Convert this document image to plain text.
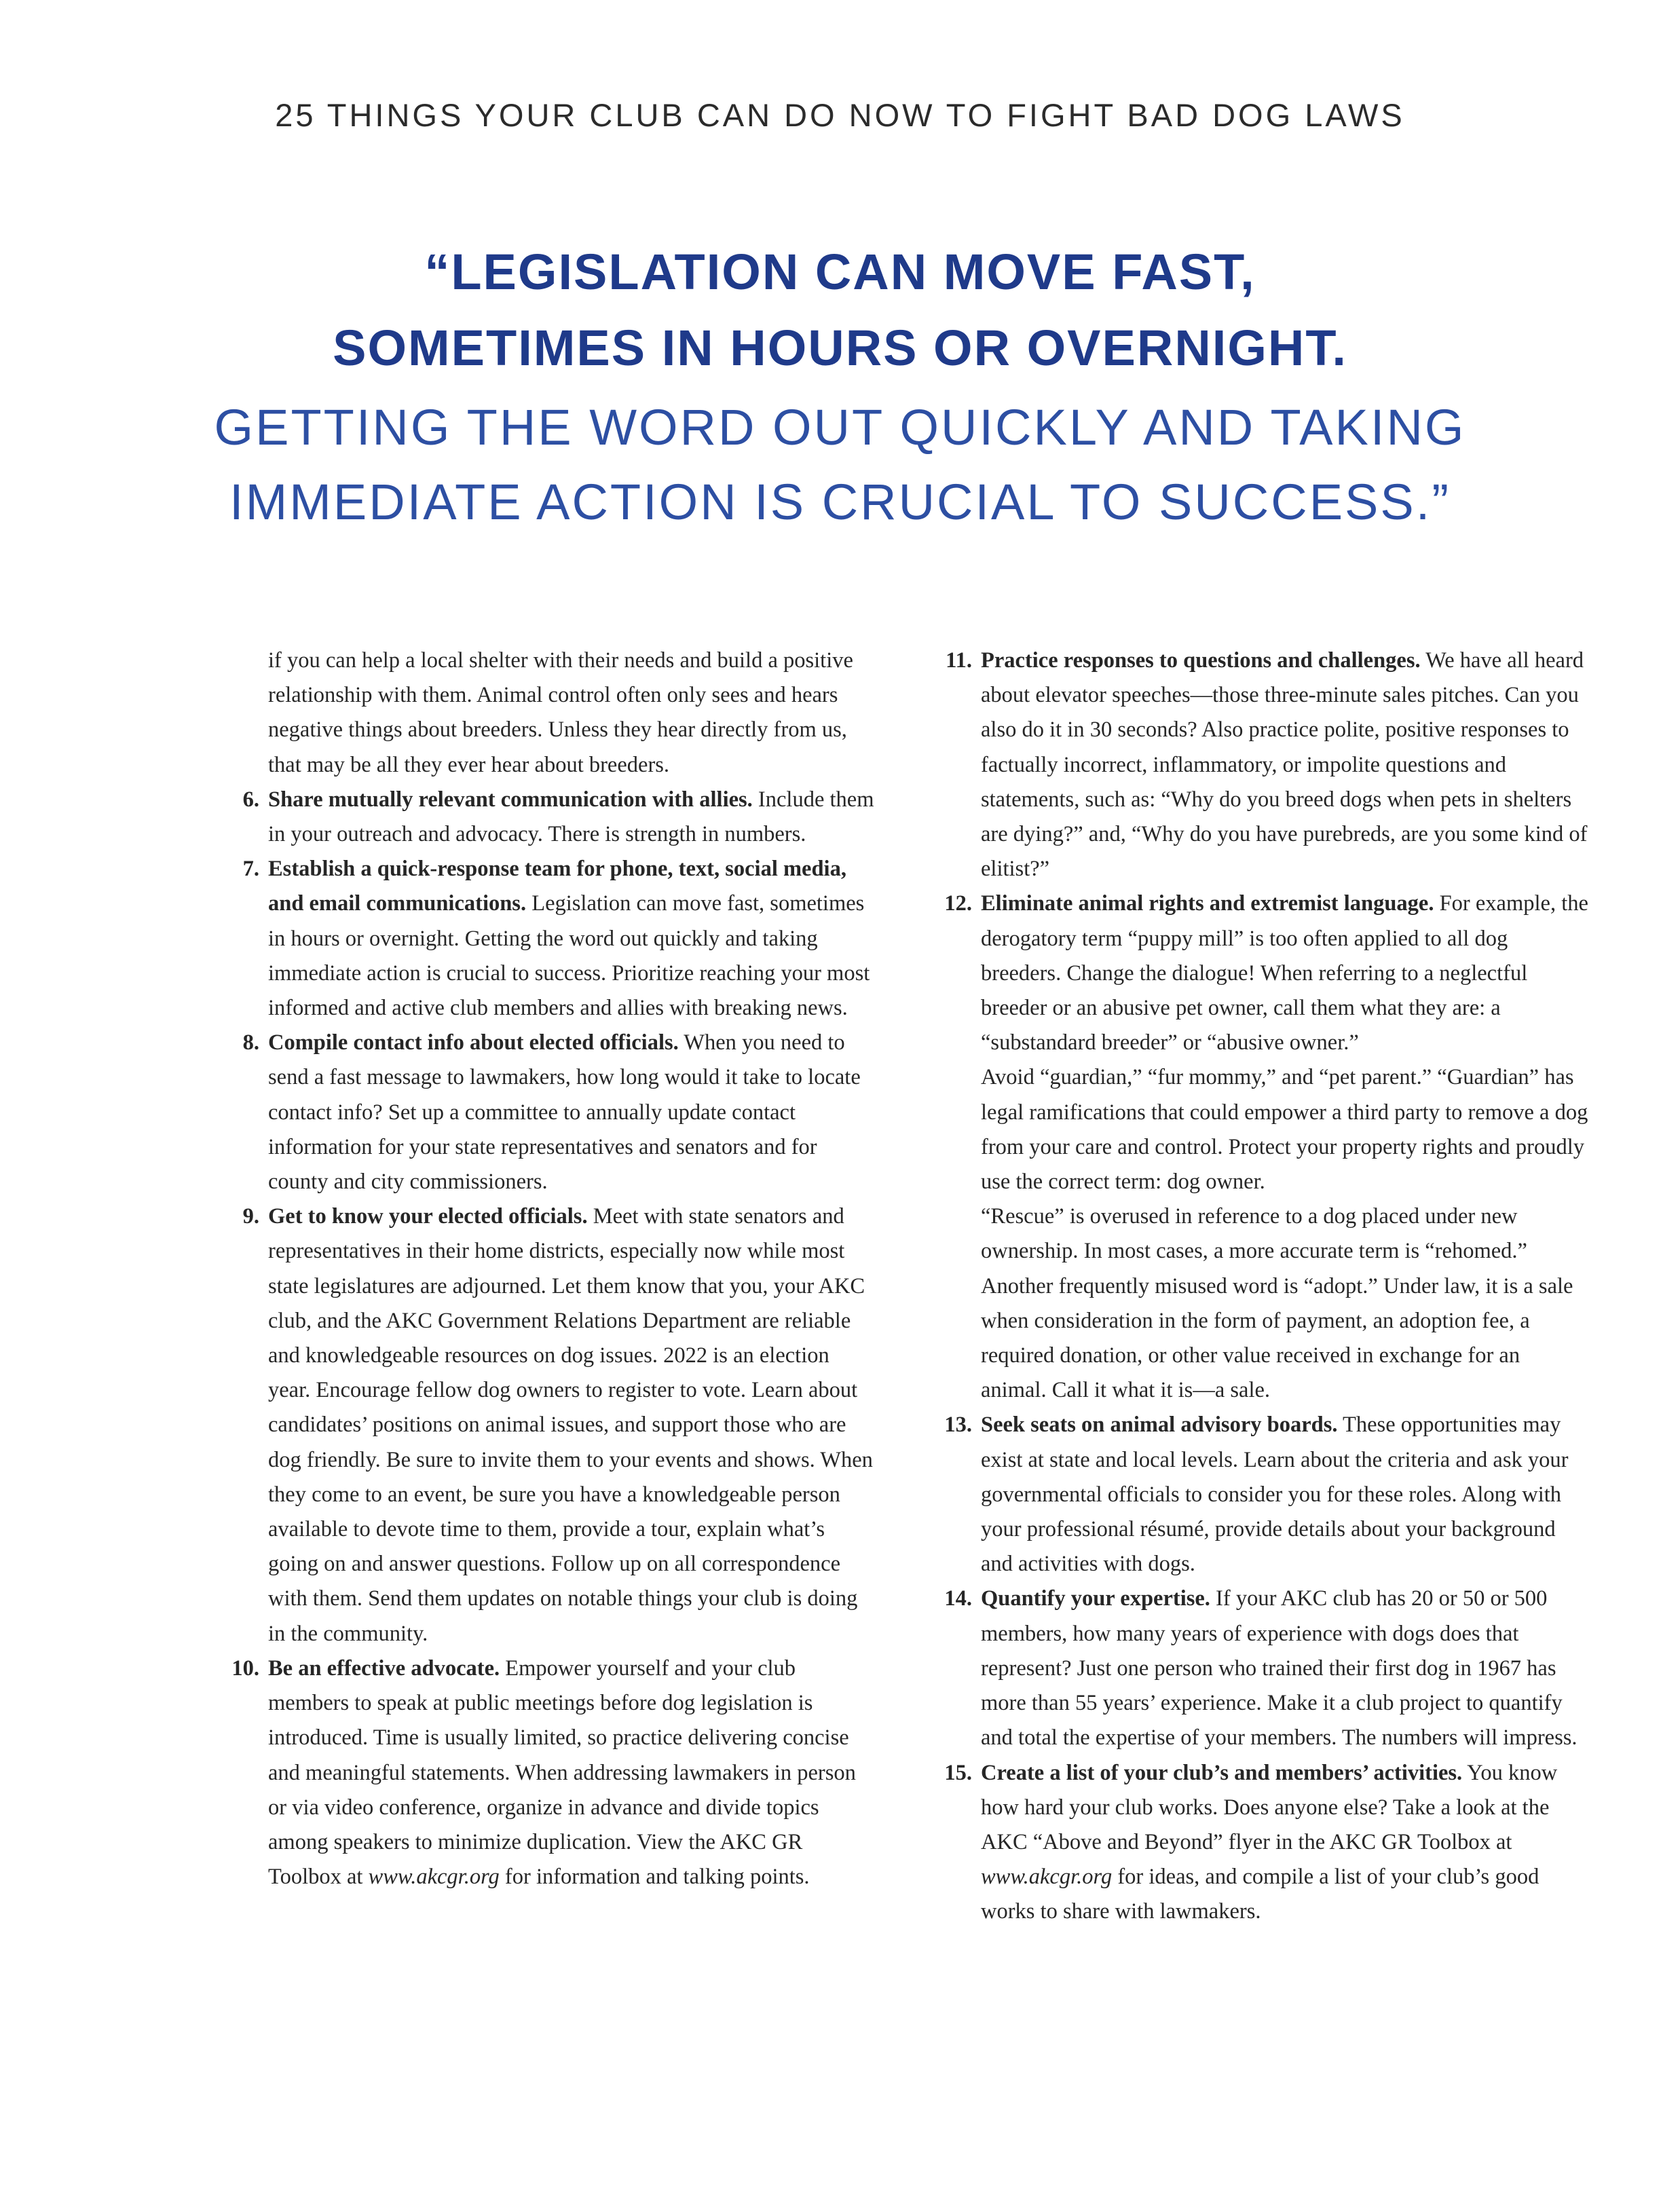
25 THINGS YOUR CLUB CAN DO NOW TO FIGHT BAD DOG LAWS
“LEGISLATION CAN MOVE FAST,
SOMETIMES IN HOURS OR OVERNIGHT.
GETTING THE WORD OUT QUICKLY AND TAKING
IMMEDIATE ACTION IS CRUCIAL TO SUCCESS.”
if you can help a local shelter with their needs and build a positive relationship with them. Animal control often only sees and hears negative things about breeders. Unless they hear directly from us, that may be all they ever hear about breeders.
6. Share mutually relevant communication with allies. Include them in your outreach and advocacy. There is strength in numbers.
7. Establish a quick-response team for phone, text, social media, and email communications. Legislation can move fast, sometimes in hours or overnight. Getting the word out quickly and taking immediate action is crucial to success. Prioritize reaching your most informed and active club members and allies with breaking news.
8. Compile contact info about elected officials. When you need to send a fast message to lawmakers, how long would it take to locate contact info? Set up a committee to annually update contact information for your state representatives and senators and for county and city commissioners.
9. Get to know your elected officials. Meet with state senators and representatives in their home districts, especially now while most state legislatures are adjourned. Let them know that you, your AKC club, and the AKC Government Relations Department are reliable and knowledgeable resources on dog issues. 2022 is an election year. Encourage fellow dog owners to register to vote. Learn about candidates’ positions on animal issues, and support those who are dog friendly. Be sure to invite them to your events and shows. When they come to an event, be sure you have a knowledgeable person available to devote time to them, provide a tour, explain what’s going on and answer questions. Follow up on all correspondence with them. Send them updates on notable things your club is doing in the community.
10. Be an effective advocate. Empower yourself and your club members to speak at public meetings before dog legislation is introduced. Time is usually limited, so practice delivering concise and meaningful statements. When addressing lawmakers in person or via video conference, organize in advance and divide topics among speakers to minimize duplication. View the AKC GR Toolbox at www.akcgr.org for information and talking points.
11. Practice responses to questions and challenges. We have all heard about elevator speeches—those three-minute sales pitches. Can you also do it in 30 seconds? Also practice polite, positive responses to factually incorrect, inflammatory, or impolite questions and statements, such as: “Why do you breed dogs when pets in shelters are dying?” and, “Why do you have purebreds, are you some kind of elitist?”
12. Eliminate animal rights and extremist language. For example, the derogatory term “puppy mill” is too often applied to all dog breeders. Change the dialogue! When referring to a neglectful breeder or an abusive pet owner, call them what they are: a “substandard breeder” or “abusive owner.”
Avoid “guardian,” “fur mommy,” and “pet parent.” “Guardian” has legal ramifications that could empower a third party to remove a dog from your care and control. Protect your property rights and proudly use the correct term: dog owner.
“Rescue” is overused in reference to a dog placed under new ownership. In most cases, a more accurate term is “rehomed.” Another frequently misused word is “adopt.” Under law, it is a sale when consideration in the form of payment, an adoption fee, a required donation, or other value received in exchange for an animal. Call it what it is—a sale.
13. Seek seats on animal advisory boards. These opportunities may exist at state and local levels. Learn about the criteria and ask your governmental officials to consider you for these roles. Along with your professional résumé, provide details about your background and activities with dogs.
14. Quantify your expertise. If your AKC club has 20 or 50 or 500 members, how many years of experience with dogs does that represent? Just one person who trained their first dog in 1967 has more than 55 years’ experience. Make it a club project to quantify and total the expertise of your members. The numbers will impress.
15. Create a list of your club’s and members’ activities. You know how hard your club works. Does anyone else? Take a look at the AKC “Above and Beyond” flyer in the AKC GR Toolbox at www.akcgr.org for ideas, and compile a list of your club’s good works to share with lawmakers.
